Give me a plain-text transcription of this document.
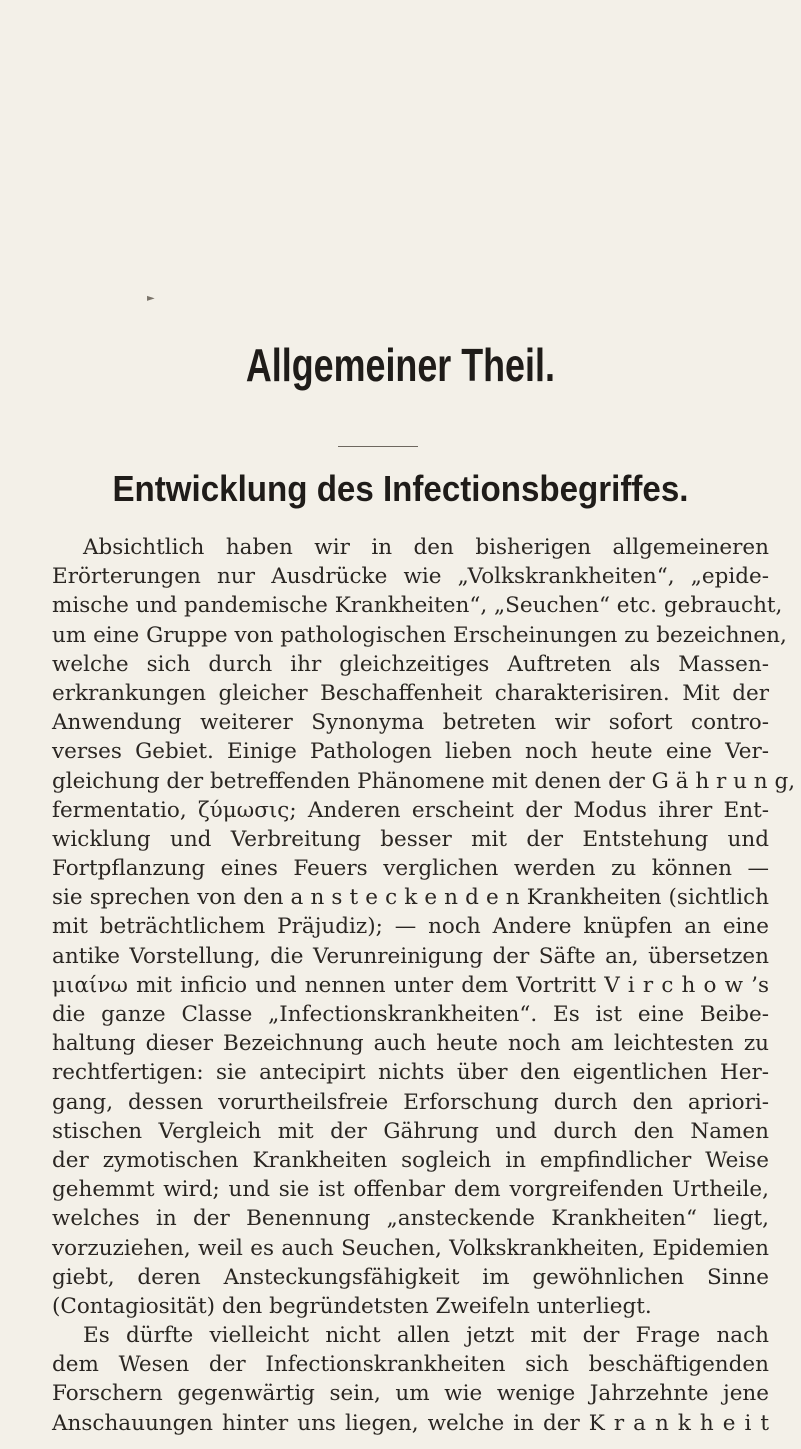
►
Allgemeiner Theil.
Entwicklung des Infectionsbegriffes.
Absichtlich haben wir in den bisherigen allgemeineren
Erörterungen nur Ausdrücke wie „Volkskrankheiten“, „epide-
mische und pandemische Krankheiten“, „Seuchen“ etc. gebraucht,
um eine Gruppe von pathologischen Erscheinungen zu bezeichnen,
welche sich durch ihr gleichzeitiges Auftreten als Massen-
erkrankungen gleicher Beschaffenheit charakterisiren. Mit der
Anwendung weiterer Synonyma betreten wir sofort contro-
verses Gebiet. Einige Pathologen lieben noch heute eine Ver-
gleichung der betreffenden Phänomene mit denen der G ä h r u n g,
fermentatio, ζύμωσις; Anderen erscheint der Modus ihrer Ent-
wicklung und Verbreitung besser mit der Entstehung und
Fortpflanzung eines Feuers verglichen werden zu können —
sie sprechen von den a n s t e c k e n d e n Krankheiten (sichtlich
mit beträchtlichem Präjudiz); — noch Andere knüpfen an eine
antike Vorstellung, die Verunreinigung der Säfte an, übersetzen
μιαίνω mit inficio und nennen unter dem Vortritt V i r c h o w ’s
die ganze Classe „Infectionskrankheiten“. Es ist eine Beibe-
haltung dieser Bezeichnung auch heute noch am leichtesten zu
rechtfertigen: sie antecipirt nichts über den eigentlichen Her-
gang, dessen vorurtheilsfreie Erforschung durch den apriori-
stischen Vergleich mit der Gährung und durch den Namen
der zymotischen Krankheiten sogleich in empfindlicher Weise
gehemmt wird; und sie ist offenbar dem vorgreifenden Urtheile,
welches in der Benennung „ansteckende Krankheiten“ liegt,
vorzuziehen, weil es auch Seuchen, Volkskrankheiten, Epidemien
giebt, deren Ansteckungsfähigkeit im gewöhnlichen Sinne
(Contagiosität) den begründetsten Zweifeln unterliegt.
Es dürfte vielleicht nicht allen jetzt mit der Frage nach
dem Wesen der Infectionskrankheiten sich beschäftigenden
Forschern gegenwärtig sein, um wie wenige Jahrzehnte jene
Anschauungen hinter uns liegen, welche in der K r a n k h e i t
